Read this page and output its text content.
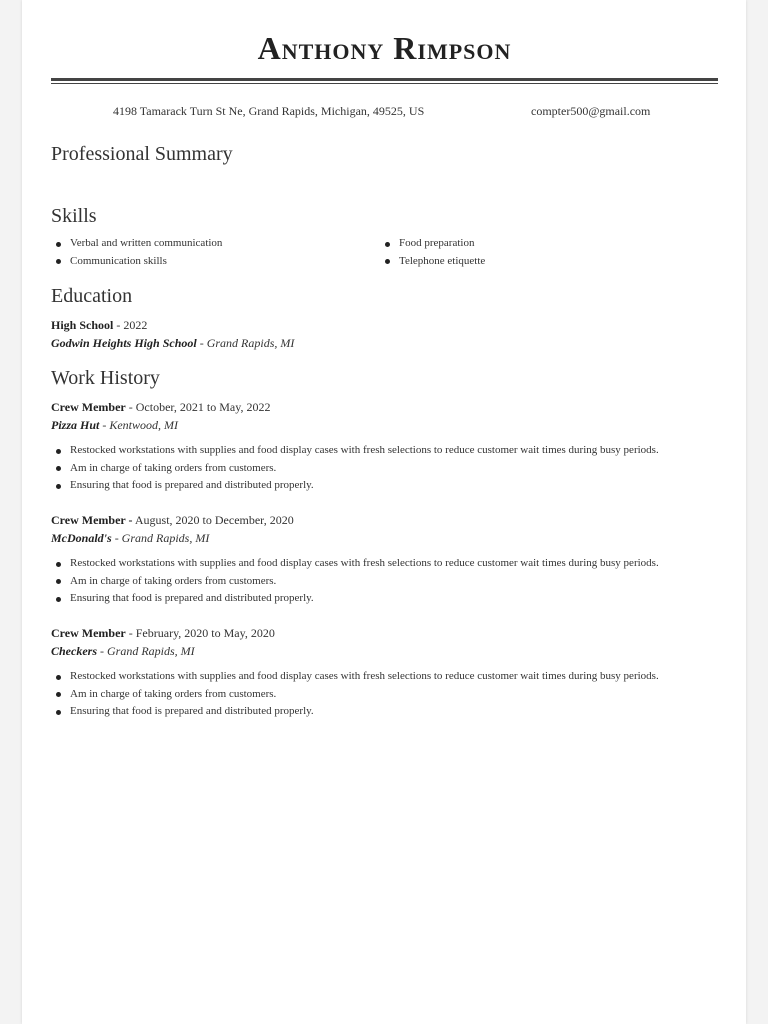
Anthony Rimpson
4198 Tamarack Turn St Ne, Grand Rapids, Michigan, 49525, US	compter500@gmail.com
Professional Summary
Skills
Verbal and written communication
Communication skills
Food preparation
Telephone etiquette
Education
High School - 2022
Godwin Heights High School - Grand Rapids, MI
Work History
Crew Member - October, 2021 to May, 2022
Pizza Hut - Kentwood, MI
Restocked workstations with supplies and food display cases with fresh selections to reduce customer wait times during busy periods.
Am in charge of taking orders from customers.
Ensuring that food is prepared and distributed properly.
Crew Member - August, 2020 to December, 2020
McDonald's - Grand Rapids, MI
Restocked workstations with supplies and food display cases with fresh selections to reduce customer wait times during busy periods.
Am in charge of taking orders from customers.
Ensuring that food is prepared and distributed properly.
Crew Member - February, 2020 to May, 2020
Checkers - Grand Rapids, MI
Restocked workstations with supplies and food display cases with fresh selections to reduce customer wait times during busy periods.
Am in charge of taking orders from customers.
Ensuring that food is prepared and distributed properly.
